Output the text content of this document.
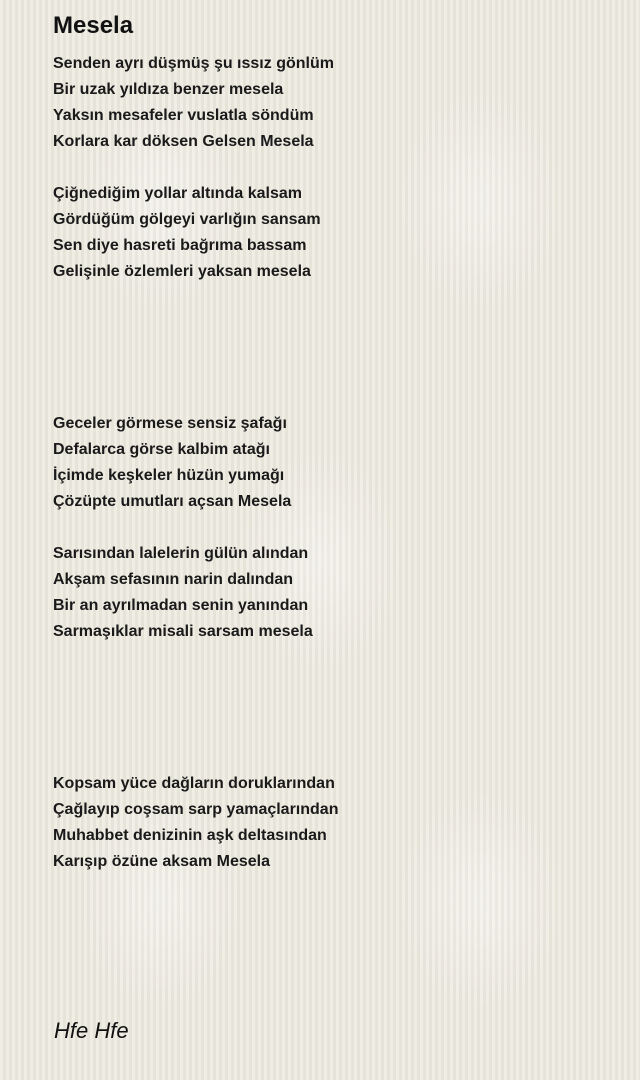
Mesela
Senden ayrı düşmüş şu ıssız gönlüm
Bir uzak yıldıza benzer mesela
Yaksın mesafeler vuslatla söndüm
Korlara kar döksen Gelsen Mesela
Çiğnediğim yollar altında kalsam
Gördüğüm gölgeyi varlığın sansam
Sen diye hasreti bağrıma bassam
Gelişinle özlemleri yaksan mesela
Geceler görmese sensiz şafağı
Defalarca görse kalbim atağı
İçimde keşkeler hüzün yumağı
Çözüpte umutları açsan Mesela
Sarısından lalelerin gülün alından
Akşam sefasının narin dalından
Bir an ayrılmadan senin yanından
Sarmaşıklar misali sarsam mesela
Kopsam yüce dağların doruklarından
Çağlayıp coşsam sarp yamaçlarından
Muhabbet denizinin aşk deltasından
Karışıp özüne aksam Mesela
Hfe Hfe
